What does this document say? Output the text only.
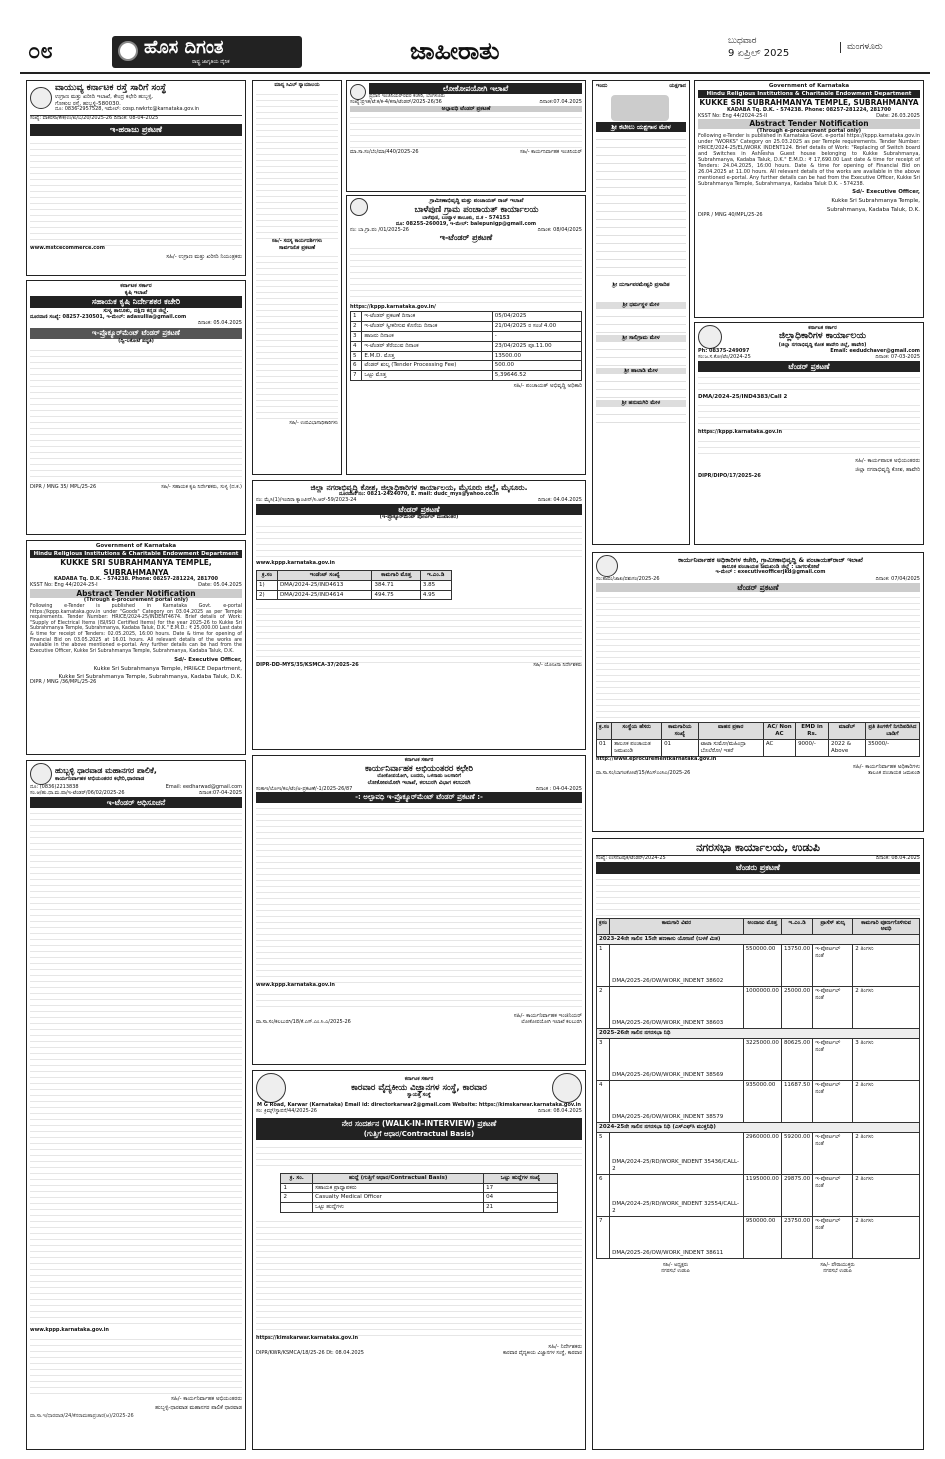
೦೮	ಹೊಸ ದಿಗಂತ
ರಾಷ್ಟ್ರ ಜಾಗೃತಿಯ ದೈನಿಕ	ಜಾಹೀರಾತು	ಬುಧವಾರ
9 ಏಪ್ರಿಲ್ 2025
ಮಂಗಳೂರು
ವಾಯುವ್ಯ ಕರ್ನಾಟಕ ರಸ್ತೆ ಸಾರಿಗೆ ಸಂಸ್ಥೆ
ಉಗ್ರಾಣ ಮತ್ತು ಖರೀದಿ ಇಲಾಖೆ, ಕೇಂದ್ರ ಕಛೇರಿ ಹುಬ್ಬಳ್ಳಿ.
ಗೋಕುಲ ರಸ್ತೆ, ಹುಬ್ಬಳ್ಳಿ-580030.
ದೂ: 0836-2957528, ಇಮೇಲ್: cosp.nwkrtc@karnataka.gov.in
ಸಂಖ್ಯೆ: ವಾಕರಸಾ/ಕೇಕ/ಉ/ಖ/ಬ/20/2025-26 ದಿನಾಂಕ: 08-04-2025
ಇ-ಹರಾಜು ಪ್ರಕಟಣೆ
www.mstcecommerce.com
ಸಹಿ/- ಉಗ್ರಾಣ ಮತ್ತು ಖರೀದಿ ನಿಯಂತ್ರಕರು
ಕರ್ನಾಟಕ ಸರ್ಕಾರ
ಕೃಷಿ ಇಲಾಖೆ
ಸಹಾಯಕ ಕೃಷಿ ನಿರ್ದೇಶಕರ ಕಚೇರಿ
ಸುಳ್ಯ ತಾಲೂಕು, ದಕ್ಷಿಣ ಕನ್ನಡ ಜಿಲ್ಲೆ.
ದೂರವಾಣಿ ಸಂಖ್ಯೆ: 08257-230501, ಇ-ಮೇಲ್: adasullia@gmail.com
ದಿನಾಂಕ: 05.04.2025
ಇ-ಪ್ರೊಕ್ಯೂರ್‌ಮೆಂಟ್ ಟೆಂಡರ್ ಪ್ರಕಟಣೆ
(ದ್ವಿ-ಲಕೋಟೆ ಪದ್ಧತಿ)
DIPR / MNG 35/ MPL/25-26	ಸಹಿ/- ಸಹಾಯಕ ಕೃಷಿ ನಿರ್ದೇಶಕರು, ಸುಳ್ಯ (ದ.ಕ.)
Government of Karnataka
Hindu Religious Institutions & Charitable Endowment Department
KUKKE SRI SUBRAHMANYA TEMPLE, SUBRAHMANYA
KADABA Tq. D.K. - 574238. Phone: 08257-281224, 281700
KSST No: Eng 44/2024-25-I	Date: 05.04.2025
Abstract Tender Notification
(Through e-procurement portal only)
Following e-Tender is published in Karnataka Govt. e-portal https://kppp.karnataka.gov.in under "Goods" Category on 03.04.2025 as per Temple requirements. Tender Number: HRICE/2024-25/INDENT4674. Brief details of Work: "Supply of Electrical Items (ISI/ISO Certified Items) for the year 2025-26 to Kukke Sri Subrahmanya Temple, Subrahmanya, Kadaba Taluk, D.K." E.M.D.: ₹ 25,000.00 Last date & time for receipt of Tenders: 02.05.2025, 16:00 hours. Date & time for opening of Financial Bid on 03.05.2025 at 16.01 hours. All relevant details of the works are available in the above mentioned e-portal. Any further details can be had from the Executive Officer, Kukke Sri Subrahmanya Temple, Subrahmanya, Kadaba Taluk, D.K.
Sd/- Executive Officer,
Kukke Sri Subrahmanya Temple, HRI&CE Department,
Kukke Sri Subrahmanya Temple, Subrahmanya, Kadaba Taluk, D.K.
DIPR / MNG /36/MPL/25-26
ಹುಬ್ಬಳ್ಳಿ ಧಾರವಾಡ ಮಹಾನಗರ ಪಾಲಿಕೆ,
ಕಾರ್ಯನಿರ್ವಾಹಕ ಅಭಿಯಂತರರ ಕಛೇರಿ,ಧಾರವಾಡ
ದೂ: (0836)2213838	Email: eedharwad@gmail.com
ಸಂ.ಆ/ಹು.ಧಾ.ಮ.ಪಾ/ಇ-ಟೆಂಡರ್/06/02/2025-26	ದಿನಾಂಕ:07-04-2025
ಇ-ಟೆಂಡರ್ ಅಧಿಸೂಚನೆ
www.kppp.karnataka.gov.in
ಸಹಿ/- ಕಾರ್ಯನಿರ್ವಾಹಕ ಅಭಿಯಂತರರು
ಹುಬ್ಬಳ್ಳಿ-ಧಾರವಾಡ ಮಹಾನಗರ ಪಾಲಿಕೆ ಧಾರವಾಡ
ವಾ.ಸಾ.ಇ/ಧಾರವಾಡ/24/ಕೆನರಾಮಹಾಪ್ರಚಾರ(ಆ)/2025-26
ಮಾನ್ಯ ಸಿವಿಲ್ ನ್ಯಾಯಾಲಯ
ಸಹಿ/- ಸದಸ್ಯ ಕಾರ್ಯದರ್ಶಿಗಳು
ಸಾರ್ವಜನಿಕ ಪ್ರಕಟಣೆ
ಸಹಿ/- ಉಪವಿಭಾಗಾಧಿಕಾರಿಗಳು
ಲೋಕೋಪಯೋಗಿ ಇಲಾಖೆ
ಪ್ರಧಾನ ಇಂಜಿನಿಯರ್‌ರವರ ಕಚೇರಿ, ಬೆಂಗಳೂರು
ಸಂಖ್ಯೆ:ಪ್ರಇಕ/ಟೆ:ಕ/ಕ-4/ಕಸಾ/ಟೆಂಡರ್/2025-26/36	ದಿನಾಂಕ:07.04.2025
ಅಲ್ಪಾವಧಿ ಟೆಂಡರ್ ಪ್ರಕಟಣೆ
ಮಾ.ಸಾ.ಸಂ/ಬೆಂ/ಮಾ/440/2025-26	ಸಹಿ/- ಕಾರ್ಯನಿರ್ವಾಹಕ ಇಂಜಿನಿಯರ್
ಗ್ರಾಮೀಣಾಭಿವೃದ್ಧಿ ಮತ್ತು ಪಂಚಾಯತ್ ರಾಜ್ ಇಲಾಖೆ
ಬಾಳೆಪುಣಿ ಗ್ರಾಮ ಪಂಚಾಯತ್ ಕಾರ್ಯಾಲಯ
ಬಾಳೆಪುಣಿ, ಬಂಟ್ವಾಳ ತಾಲೂಕು, ದ.ಕ - 574153
ದೂ: 08255-260019, ಇ-ಮೇಲ್: balepunigp@gmail.com
ನಂ: ಬಾ.ಗ್ರಾ.ಪಂ /01/2025-26	ದಿನಾಂಕ: 08/04/2025
ಇ-ಟೆಂಡರ್ ಪ್ರಕಟಣೆ
https://kppp.karnataka.gov.in/
1	ಇ-ಟೆಂಡರ್ ಪ್ರಕಟಣೆ ದಿನಾಂಕ	05/04/2025
2	ಇ-ಟೆಂಡರ್ ಸ್ವೀಕರಿಸುವ ಕೊನೆಯ ದಿನಾಂಕ	21/04/2025 ರ ಸಂಜೆ 4.00
3	ಹಾಜರು ದಿನಾಂಕ	-
4	ಇ-ಟೆಂಡರ್ ತೆರೆಯುವ ದಿನಾಂಕ	23/04/2025 ಪೂ.11.00
5	E.M.D. ಮೊತ್ತ	13500.00
6	ಟೆಂಡರ್ ಶುಲ್ಕ (Tender Processing Fee)	500.00
7	ಒಟ್ಟು ಮೊತ್ತ	5,39646.52
ಸಹಿ/- ಪಂಚಾಯತ್ ಅಭಿವೃದ್ಧಿ ಅಧಿಕಾರಿ
ಜಿಲ್ಲಾ ನಗರಾಭಿವೃದ್ಧಿ ಕೋಶ, ಜಿಲ್ಲಾಧಿಕಾರಿಗಳ ಕಾರ್ಯಾಲಯ, ಮೈಸೂರು ಜಿಲ್ಲೆ, ಮೈಸೂರು.
ದೂರವಾಣಿ ನಂ: 0821-2424070, E. mail: dudc_mys@yahoo.co.in
ನಂ: ಮೈಸಿ(1)/ಇಂದಿರಾ ಕ್ಯಾಂಟೀನ್/ಸಿ.ಆರ್-59/2023-24	ದಿನಾಂಕ: 04.04.2025
ಟೆಂಡರ್ ಪ್ರಕಟಣೆ
(ಇ-ಪ್ರೊಕ್ಯೂರ್‌ಮೆಂಟ್ ಪೋರ್ಟಲ್ ಮುಖಾಂತರ)
www.kppp.karnataka.gov.in
ಕ್ರ.ಸಂ	ಇಂಡೆಂಟ್ ಸಂಖ್ಯೆ	ಕಾಮಗಾರಿ ಮೊತ್ತ	ಇ.ಎಂ.ಡಿ
1)	DMA/2024-25/IND4613	384.71	3.85
2)	DMA/2024-25/IND4614	494.75	4.95
DIPR-DD-MYS/35/KSMCA-37/2025-26	ಸಹಿ/- ಯೋಜನಾ ನಿರ್ದೇಶಕರು
ಕರ್ನಾಟಕ ಸರ್ಕಾರ
ಕಾರ್ಯನಿರ್ವಾಹಕ ಅಭಿಯಂತರರ ಕಛೇರಿ
ಲೋಕೋಪಯೋಗಿ, ಬಂದರು, ಒಳನಾಡು ಜಲಸಾರಿಗೆ
ಲೋಕೋಪಯೋಗಿ ಇಲಾಖೆ, ಕಲಬುರಗಿ ವಿಭಾಗ ಕಲಬುರಗಿ
ಸಂಕಾಇ/ಲೋಇ/ಕಲ/ಟೆಂ/ಅ-ಪ್ರಕಟಣೆ/-1/2025-26/87	ದಿನಾಂಕ : 04-04-2025
-: ಅಲ್ಪಾವಧಿ ಇ-ಪ್ರೊಕ್ಯೂರ್‌ಮೆಂಟ್ ಟೆಂಡರ್ ಪ್ರಕಟಣೆ :-
www.kppp.karnataka.gov.in
ಸಹಿ/- ಕಾರ್ಯನಿರ್ವಾಹಕ ಇಂಜಿನಿಯರ್
ವಾ.ಸಾ.ಸಂ/ಕಲಬುರಗಿ/18/ಕೆ.ಎಸ್.ಎಂ.ಸಿ.ಎ/2025-26	ಲೋಕೋಪಯೋಗಿ ಇಲಾಖೆ ಕಲಬುರಗಿ
ಕರ್ನಾಟಕ ಸರ್ಕಾರ
ಕಾರವಾರ ವೈದ್ಯಕೀಯ ವಿಜ್ಞಾನಗಳ ಸಂಸ್ಥೆ, ಕಾರವಾರ
ಸ್ವಾಯತ್ತ ಸಂಸ್ಥೆ
M G Road, Karwar (Karnataka) Email id: directorkarwar2@gmail.com Website: https://kimskarwar.karnataka.gov.in
ಸಂ: ಕ್ರಿಮ್ಸ್/ಸ್ಥಾಪನೆ/44/2025-26	ದಿನಾಂಕ: 08.04.2025
ನೇರ ಸಂದರ್ಶನ (WALK-IN-INTERVIEW) ಪ್ರಕಟಣೆ
(ಗುತ್ತಿಗೆ ಆಧಾರ/Contractual Basis)
ಕ್ರ. ಸಂ.	ಹುದ್ದೆ (ಗುತ್ತಿಗೆ ಆಧಾರ/Contractual Basis)	ಒಟ್ಟು ಹುದ್ದೆಗಳ ಸಂಖ್ಯೆ
1	ಸಹಾಯಕ ಪ್ರಾಧ್ಯಾಪಕರು	17
2	Casualty Medical Officer	04
	ಒಟ್ಟು ಹುದ್ದೆಗಳು	21
https://kimskarwar.karnataka.gov.in
ಸಹಿ/- ನಿರ್ದೇಶಕರು
DIPR/KWR/KSMCA/18/25-26 Dt: 08.04.2025	ಕಾರವಾರ ವೈದ್ಯಕೀಯ ವಿಜ್ಞಾನಗಳ ಸಂಸ್ಥೆ, ಕಾರವಾರ
ಇಂದು	ಯಕ್ಷಗಾನ
ಶ್ರೀ ಕಟೀಲು ಯಕ್ಷಗಾನ ಮೇಳ
ಶ್ರೀ ದುರ್ಗಾಪರಮೇಶ್ವರಿ ಪ್ರಸಾದಿತ
ಶ್ರೀ ಧರ್ಮಸ್ಥಳ ಮೇಳ
ಶ್ರೀ ಸಾಲಿಗ್ರಾಮ ಮೇಳ
ಶ್ರೀ ಹಾಲಾಡಿ ಮೇಳ
ಶ್ರೀ ಹನುಮಗಿರಿ ಮೇಳ
Government of Karnataka
Hindu Religious Institutions & Charitable Endowment Department
KUKKE SRI SUBRAHMANYA TEMPLE, SUBRAHMANYA
KADABA Tq. D.K. - 574238. Phone: 08257-281224, 281700
KSST No: Eng 44/2024-25-II	Date: 26.03.2025
Abstract Tender Notification
(Through e-procurement portal only)
Following e-Tender is published in Karnataka Govt. e-portal https://kppp.karnataka.gov.in under "WORKS" Category on 25.03.2025 as per Temple requirements. Tender Number: HRICE/2024-25/EL/WORK_INDENT124. Brief details of Work: "Replacing of Switch board and Switches in Ashlesha Guest house belonging to Kukke Subrahmanya, Subrahmanya, Kadaba Taluk, D.K." E.M.D.: ₹ 17,690.00 Last date & time for receipt of Tenders: 24.04.2025, 16:00 hours. Date & time for opening of Financial Bid on 26.04.2025 at 11.00 hours. All relevant details of the works are available in the above mentioned e-portal. Any further details can be had from the Executive Officer, Kukke Sri Subrahmanya Temple, Subrahmanya, Kadaba Taluk D.K. - 574238.
Sd/- Executive Officer,
Kukke Sri Subrahmanya Temple,
Subrahmanya, Kadaba Taluk, D.K.
DIPR / MNG 40/MPL/25-26
ಕರ್ನಾಟಕ ಸರ್ಕಾರ
ಜಿಲ್ಲಾಧಿಕಾರಿಗಳ ಕಾರ್ಯಾಲಯ
(ಜಿಲ್ಲಾ ನಗರಾಭಿವೃದ್ಧಿ ಕೋಶ ಹಾವೇರಿ ಜಿಲ್ಲೆ, ಹಾವೇರಿ)
Ph: 08375-249097	Email: eedudchaver@gmail.com
ಸಂ:ಜ.ಸ.ಕೋ/ಟೆಂ/2024-25	ದಿನಾಂಕ: 07-03-2025
ಟೆಂಡರ್ ಪ್ರಕಟಣೆ
DMA/2024-25/IND4383/Call 2
https://kppp.karnataka.gov.in
ಸಹಿ/- ಕಾರ್ಯಪಾಲಕ ಅಭಿಯಂತರರು
ಜಿಲ್ಲಾ ನಗರಾಭಿವೃದ್ಧಿ ಕೋಶ, ಹಾವೇರಿ
DIPR/DIPO/17/2025-26
ಕಾರ್ಯನಿರ್ವಾಹಕ ಅಧಿಕಾರಿಗಳ ಕಚೇರಿ, ಗ್ರಾಮೀಣಾಭಿವೃದ್ಧಿ & ಪಂಚಾಯತ್‌ರಾಜ್ ಇಲಾಖೆ
ತಾಲೂಕ ಪಂಚಾಯತ ಜಮಖಂಡಿ ಜಿಲ್ಲೆ : ಬಾಗಲಕೋಟೆ
ಇ-ಮೇಲ್ : executiveofficerjkd@gmail.com
ಸಂ:ತಾಪಂ/ಜಾಖ/ಪಶುಸಂ/2025-26	ದಿನಾಂಕ: 07/04/2025
ಟೆಂಡರ್ ಪ್ರಕಟಣೆ
ಕ್ರ.ಸಂ	ಸಂಸ್ಥೆಯ ಹೆಸರು	ಕಾಮಗಾರಿಯ ಸಂಖ್ಯೆ	ವಾಹನ ಪ್ರಕಾರ	AC/ Non AC	EMD in Rs.	ಮಾಡೆಲ್	ಪ್ರತಿ ತಿಂಗಳಿಗೆ ನಿಗದಿಪಡಿಸಿದ ಬಾಡಿಗೆ
01	ತಾಲೂಕ ಪಂಚಾಯತ ಜಮಖಂಡಿ	01	ಟಾಟಾ ಸುಮೋ/ಮಹಿಂದ್ರಾ ಬೊಲೆರೋ/ ಇತರೆ	AC	9000/-	2022 & Above	35000/-
http://www.eprocurementkarnataka.gov.in
ಸಹಿ/- ಕಾರ್ಯನಿರ್ವಾಹಕ ಅಧಿಕಾರಿಗಳು
ವಾ.ಸಾ.ಸಂ/ಬಾಗಲಕೋಟೆ/15/ಕೆಎಸ್‌ಎಂಸಿಎ/2025-26	ತಾಲೂಕ ಪಂಚಾಯತ ಜಮಖಂಡಿ
ನಗರಸಭಾ ಕಾರ್ಯಾಲಯ, ಉಡುಪಿ
ಸಂಖ್ಯೆ: ಉಸನಟಪುಕ/ಟೆಂಡರ್/2024-25	ದಿನಾಂಕ: 08.04.2025
ಟೆಂಡರು ಪ್ರಕಟಣೆ
ಕ್ರಸಂ	ಕಾಮಗಾರಿ ವಿವರ	ಅಂದಾಜು ಮೊತ್ತ	ಇ.ಎಂ.ಡಿ	ಪ್ರಾಸೆಸ್ ಶುಲ್ಕ	ಕಾಮಗಾರಿ ಪೂರ್ಣಗೊಳಿಸುವ ಅವಧಿ
2023-24ನೇ ಸಾಲಿನ 15ನೇ ಹಣಕಾಸು ಯೋಜನೆ (ಬಳಕೆ ಮಿತ)					
1	DMA/2025-26/OW/WORK_INDENT 38602	550000.00	13750.00	ಇ-ಪೋರ್ಟಲ್ ನಂತೆ	2 ತಿಂಗಳು
2	DMA/2025-26/OW/WORK_INDENT 38603	1000000.00	25000.00	ಇ-ಪೋರ್ಟಲ್ ನಂತೆ	2 ತಿಂಗಳು
2025-26ನೇ ಸಾಲಿನ ನಗರಸಭಾ ನಿಧಿ					
3	DMA/2025-26/OW/WORK_INDENT 38569	3225000.00	80625.00	ಇ-ಪೋರ್ಟಲ್ ನಂತೆ	3 ತಿಂಗಳು
4	DMA/2025-26/OW/WORK_INDENT 38579	935000.00	11687.50	ಇ-ಪೋರ್ಟಲ್ ನಂತೆ	2 ತಿಂಗಳು
2024-25ನೇ ಸಾಲಿನ ನಗರಸಭಾ ನಿಧಿ (ಎಸ್‌ಎಫ್‌ಸಿ ಮುಕ್ತನಿಧಿ)					
5	DMA/2024-25/RD/WORK_INDENT 35436/CALL-2	2960000.00	59200.00	ಇ-ಪೋರ್ಟಲ್ ನಂತೆ	2 ತಿಂಗಳು
6	DMA/2024-25/RD/WORK_INDENT 32554/CALL-2	1195000.00	29875.00	ಇ-ಪೋರ್ಟಲ್ ನಂತೆ	2 ತಿಂಗಳು
7	DMA/2025-26/OW/WORK_INDENT 38611	950000.00	23750.00	ಇ-ಪೋರ್ಟಲ್ ನಂತೆ	2 ತಿಂಗಳು
ಸಹಿ/- ಅಧ್ಯಕ್ಷರು
ನಗರಸಭೆ ಉಡುಪಿ
ಸಹಿ/- ಪೌರಾಯುಕ್ತರು
ನಗರಸಭೆ ಉಡುಪಿ
